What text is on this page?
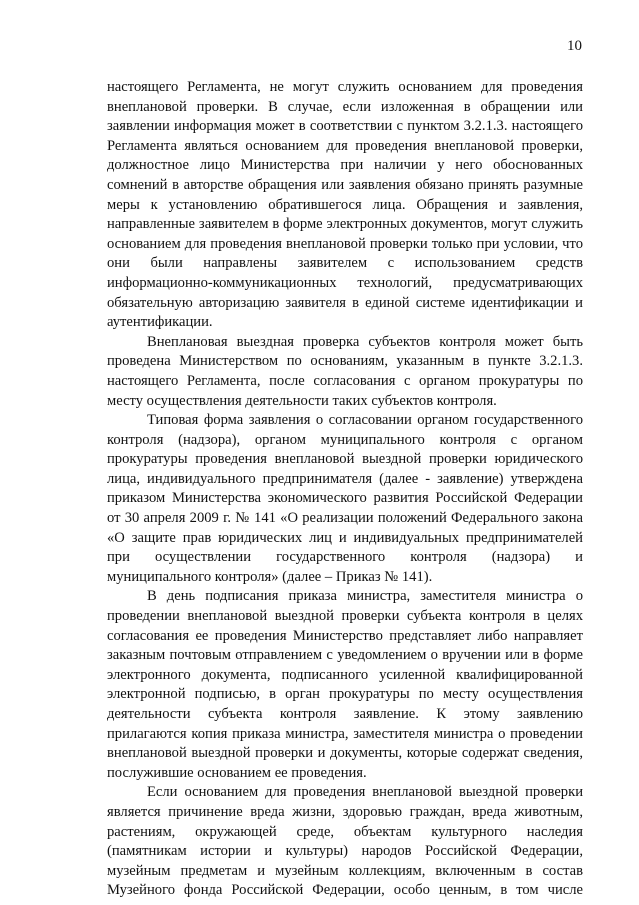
10

настоящего Регламента, не могут служить основанием для проведения внеплановой проверки. В случае, если изложенная в обращении или заявлении информация может в соответствии с пунктом 3.2.1.3. настоящего Регламента являться основанием для проведения внеплановой проверки, должностное лицо Министерства при наличии у него обоснованных сомнений в авторстве обращения или заявления обязано принять разумные меры к установлению обратившегося лица. Обращения и заявления, направленные заявителем в форме электронных документов, могут служить основанием для проведения внеплановой проверки только при условии, что они были направлены заявителем с использованием средств информационно-коммуникационных технологий, предусматривающих обязательную авторизацию заявителя в единой системе идентификации и аутентификации.

Внеплановая выездная проверка субъектов контроля может быть проведена Министерством по основаниям, указанным в пункте 3.2.1.3. настоящего Регламента, после согласования с органом прокуратуры по месту осуществления деятельности таких субъектов контроля.

Типовая форма заявления о согласовании органом государственного контроля (надзора), органом муниципального контроля с органом прокуратуры проведения внеплановой выездной проверки юридического лица, индивидуального предпринимателя (далее - заявление) утверждена приказом Министерства экономического развития Российской Федерации от 30 апреля 2009 г. № 141 «О реализации положений Федерального закона «О защите прав юридических лиц и индивидуальных предпринимателей при осуществлении государственного контроля (надзора) и муниципального контроля» (далее – Приказ № 141).

В день подписания приказа министра, заместителя министра о проведении внеплановой выездной проверки субъекта контроля в целях согласования ее проведения Министерство представляет либо направляет заказным почтовым отправлением с уведомлением о вручении или в форме электронного документа, подписанного усиленной квалифицированной электронной подписью, в орган прокуратуры по месту осуществления деятельности субъекта контроля заявление. К этому заявлению прилагаются копия приказа министра, заместителя министра о проведении внеплановой выездной проверки и документы, которые содержат сведения, послужившие основанием ее проведения.

Если основанием для проведения внеплановой выездной проверки является причинение вреда жизни, здоровью граждан, вреда животным, растениям, окружающей среде, объектам культурного наследия (памятникам истории и культуры) народов Российской Федерации, музейным предметам и музейным коллекциям, включенным в состав Музейного фонда Российской Федерации, особо ценным, в том числе
